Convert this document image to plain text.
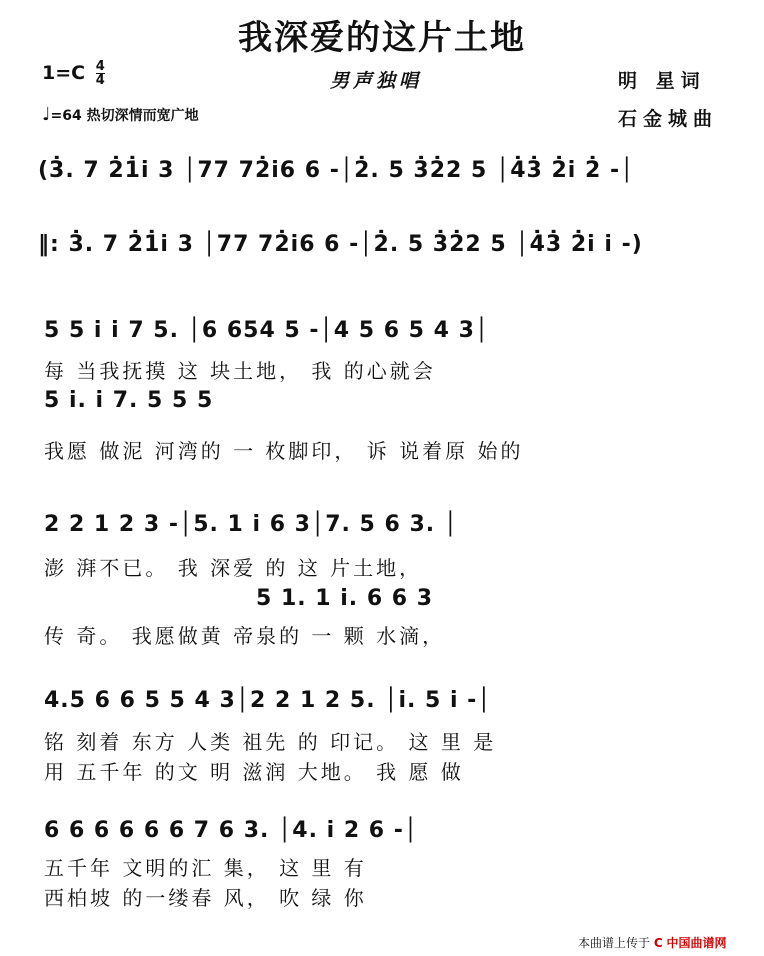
我深爱的这片土地
$1=C \frac{4}{4}$	男声独唱	明 星词
♩=64 热切深情而宽广地	石金城曲
(3̇. 7 2̇1̇i 3 │77 72̇i6 6 -│2̇. 5 3̇2̇2 5 │4̇3̇ 2̇i 2̇ -│
‖: 3̇. 7 2̇1̇i 3 │77 72̇i6 6 -│2̇. 5 3̇2̇2 5 │4̇3̇ 2̇i i -)
5 5 i i 7 5. │6 654 5 -│4 5 6 5 4 3│
每 当我抚摸 这 块土地， 我 的心就会
5 i. i 7. 5 5 5
我愿 做泥 河湾的 一 枚脚印， 诉 说着原 始的
2 2 1 2 3 -│5. 1 i 6 3│7. 5 6 3. │
澎 湃不已。 我 深爱 的 这 片土地，
5 1. 1 i. 6 6 3
传 奇。 我愿做黄 帝泉的 一 颗 水滴，
4.5 6 6 5 5 4 3│2 2 1 2 5. │i. 5 i -│
铭 刻着 东方 人类 祖先 的 印记。 这 里 是
用 五千年 的文 明 滋润 大地。 我 愿 做
6 6 6 6 6 6 7 6 3. │4. i 2 6 -│
五千年 文明的汇 集， 这 里 有
西柏坡 的一缕春 风， 吹 绿 你
本曲谱上传于 C 中国曲谱网
